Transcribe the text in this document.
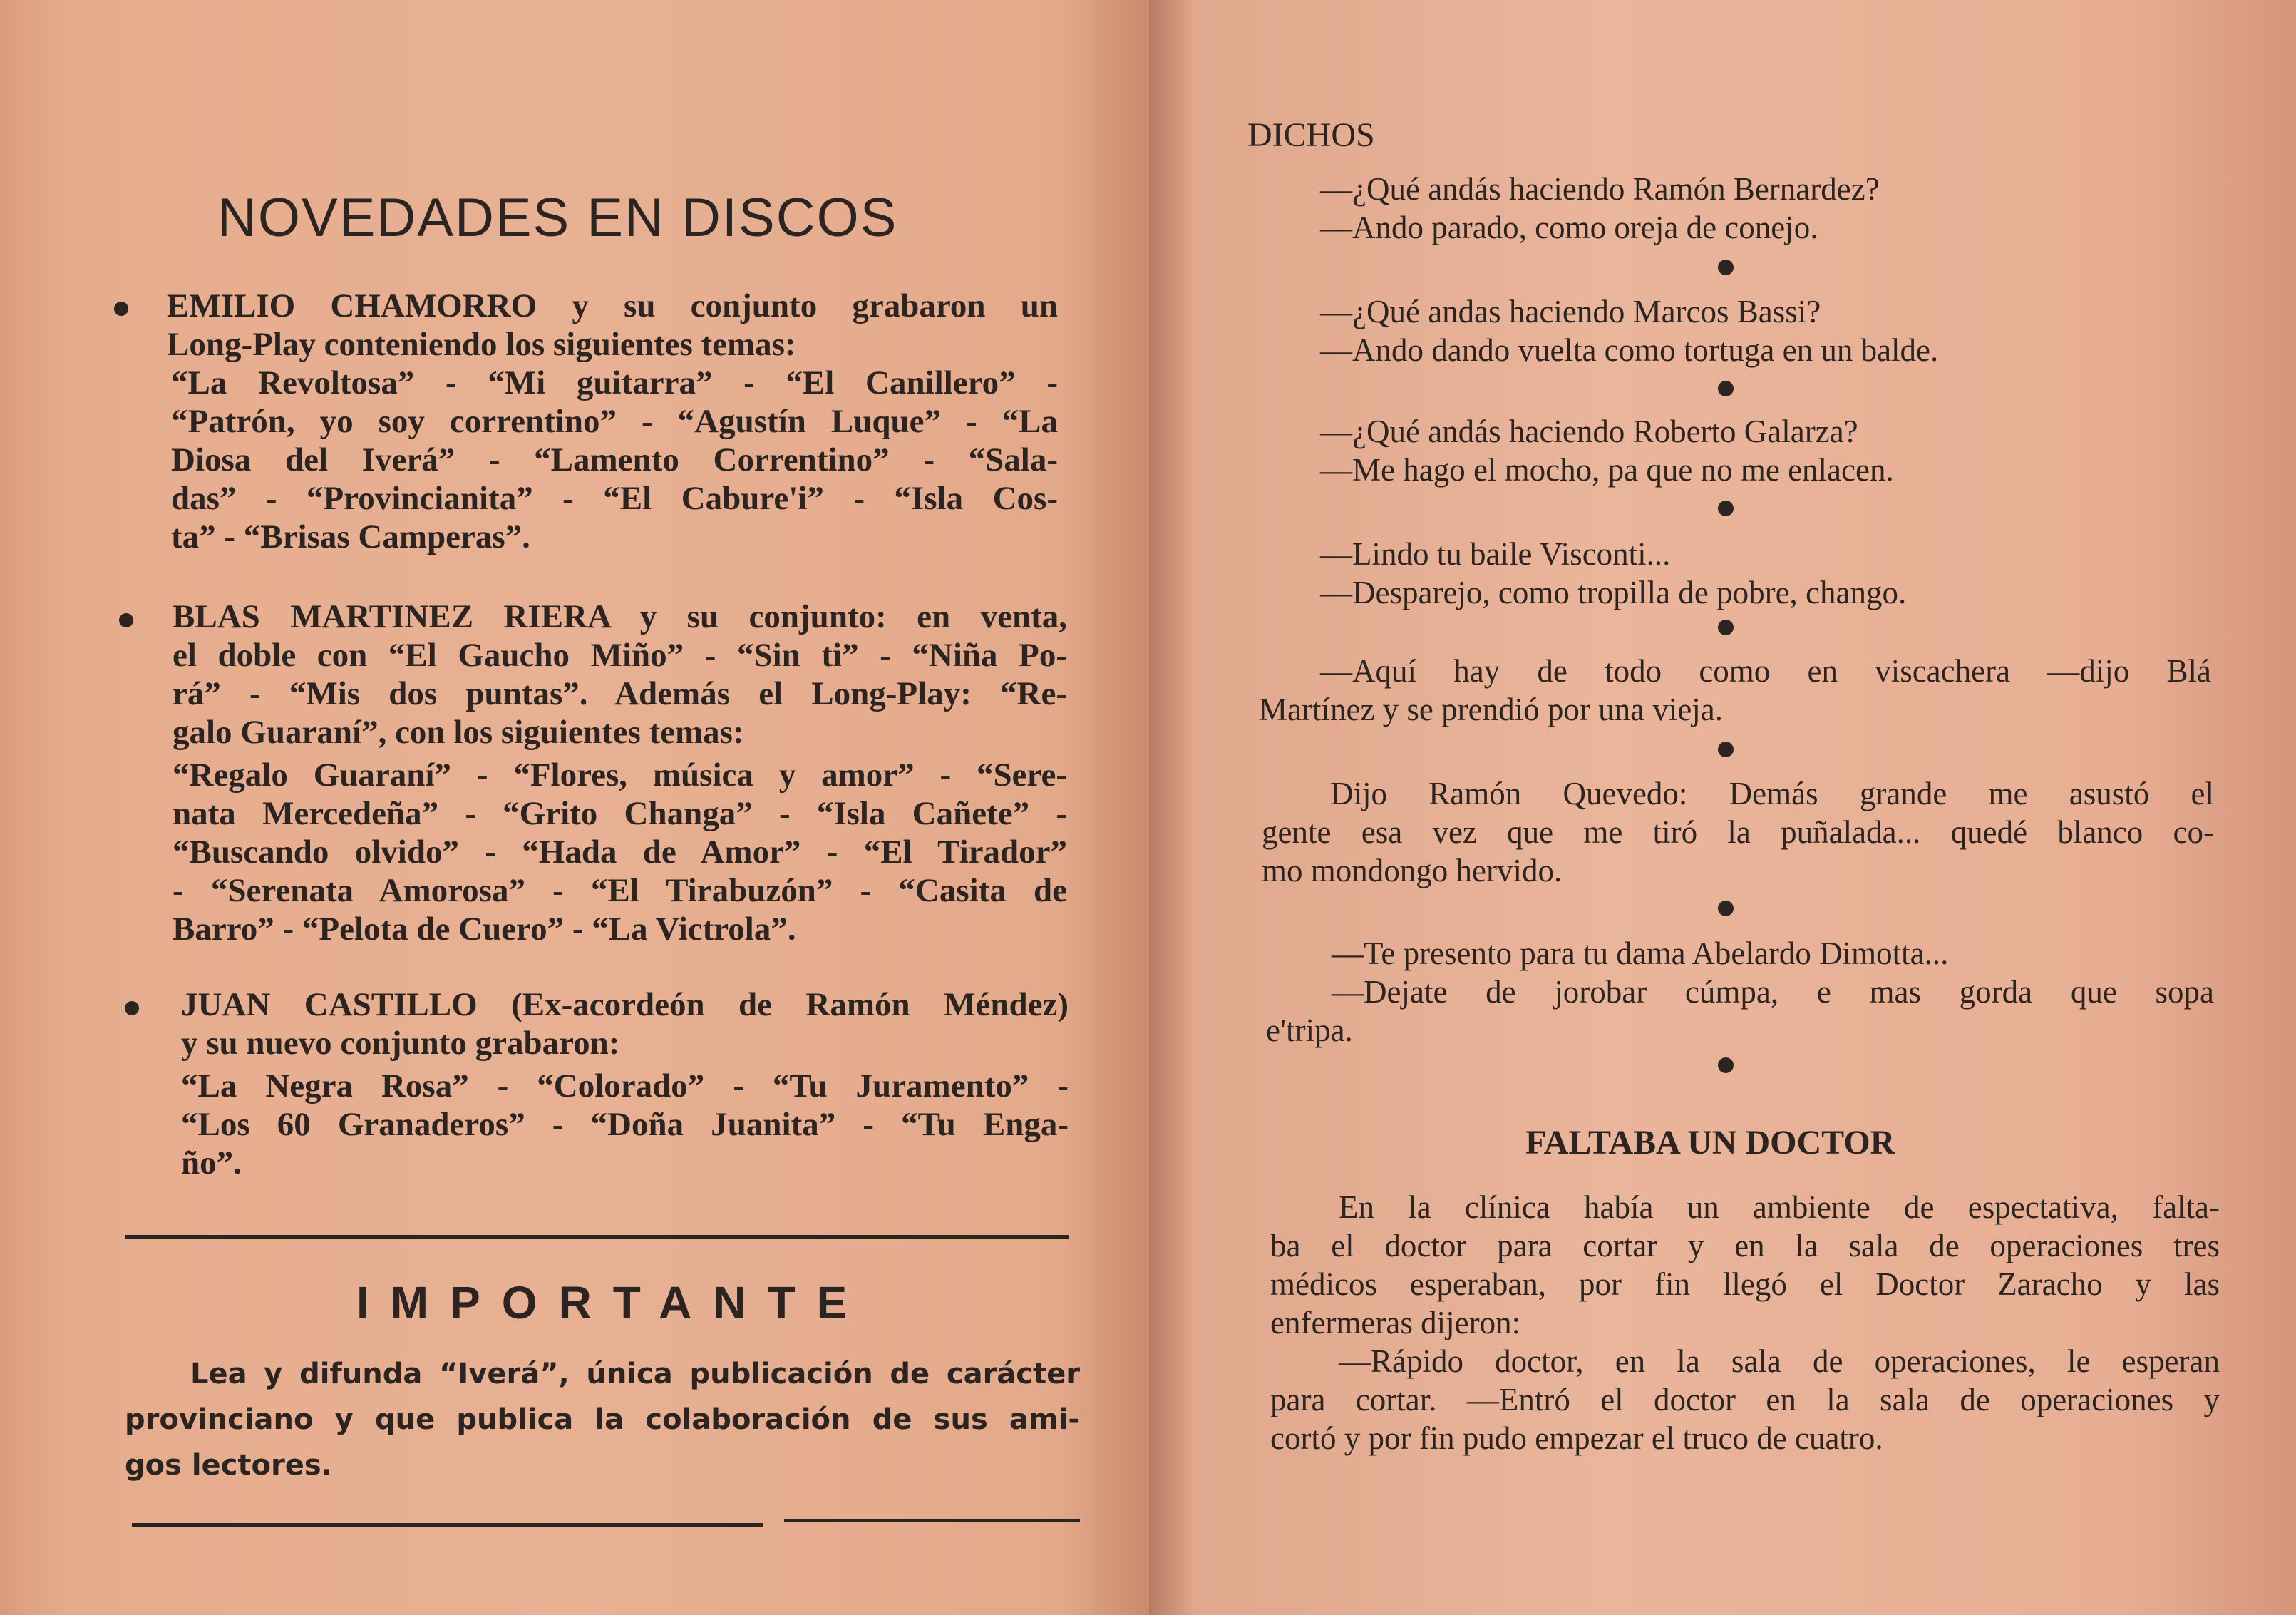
NOVEDADES EN DISCOS
EMILIO CHAMORRO y su conjunto grabaron un
Long-Play conteniendo los siguientes temas:
“La Revoltosa” - “Mi guitarra” - “El Canillero” -
“Patrón, yo soy correntino” - “Agustín Luque” - “La
Diosa del Iverá” - “Lamento Correntino” - “Sala-
das” - “Provincianita” - “El Cabure'i” - “Isla Cos-
ta” - “Brisas Camperas”.
BLAS MARTINEZ RIERA y su conjunto: en venta,
el doble con “El Gaucho Miño” - “Sin ti” - “Niña Po-
rá” - “Mis dos puntas”. Además el Long-Play: “Re-
galo Guaraní”, con los siguientes temas:
“Regalo Guaraní” - “Flores, música y amor” - “Sere-
nata Mercedeña” - “Grito Changa” - “Isla Cañete” -
“Buscando olvido” - “Hada de Amor” - “El Tirador”
- “Serenata Amorosa” - “El Tirabuzón” - “Casita de
Barro” - “Pelota de Cuero” - “La Victrola”.
JUAN CASTILLO (Ex-acordeón de Ramón Méndez)
y su nuevo conjunto grabaron:
“La Negra Rosa” - “Colorado” - “Tu Juramento” -
“Los 60 Granaderos” - “Doña Juanita” - “Tu Enga-
ño”.
IMPORTANTE
Lea y difunda “Iverá”, única publicación de carácter
provinciano y que publica la colaboración de sus ami-
gos lectores.
DICHOS
—¿Qué andás haciendo Ramón Bernardez?
—Ando parado, como oreja de conejo.
—¿Qué andas haciendo Marcos Bassi?
—Ando dando vuelta como tortuga en un balde.
—¿Qué andás haciendo Roberto Galarza?
—Me hago el mocho, pa que no me enlacen.
—Lindo tu baile Visconti...
—Desparejo, como tropilla de pobre, chango.
—Aquí hay de todo como en viscachera —dijo Blá
Martínez y se prendió por una vieja.
Dijo Ramón Quevedo: Demás grande me asustó el
gente esa vez que me tiró la puñalada... quedé blanco co-
mo mondongo hervido.
—Te presento para tu dama Abelardo Dimotta...
—Dejate de jorobar cúmpa, e mas gorda que sopa
e'tripa.
FALTABA UN DOCTOR
En la clínica había un ambiente de espectativa, falta-
ba el doctor para cortar y en la sala de operaciones tres
médicos esperaban, por fin llegó el Doctor Zaracho y las
enfermeras dijeron:
—Rápido doctor, en la sala de operaciones, le esperan
para cortar. —Entró el doctor en la sala de operaciones y
cortó y por fin pudo empezar el truco de cuatro.
